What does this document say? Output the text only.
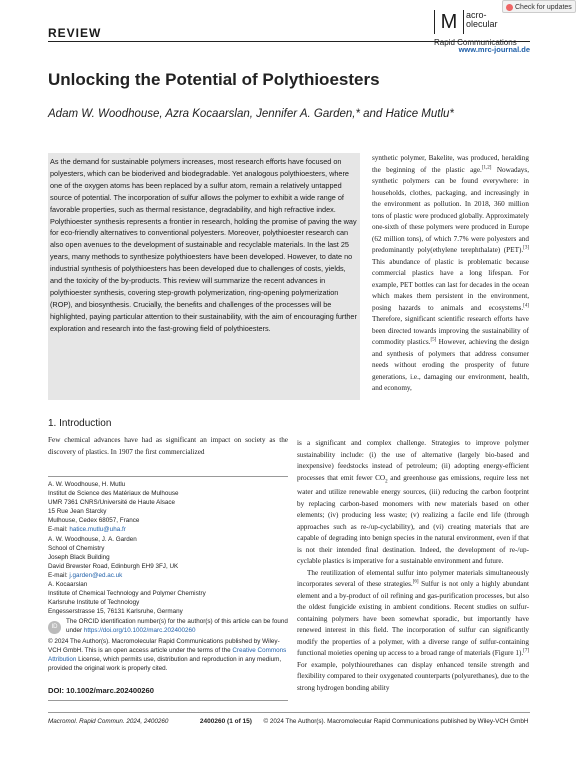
Check for updates
REVIEW	M acro-
olecular
Rapid Communications
www.mrc-journal.de
Unlocking the Potential of Polythioesters
Adam W. Woodhouse, Azra Kocaarslan, Jennifer A. Garden,* and Hatice Mutlu*
As the demand for sustainable polymers increases, most research efforts have focused on polyesters, which can be bioderived and biodegradable. Yet analogous polythioesters, where one of the oxygen atoms has been replaced by a sulfur atom, remain a relatively untapped source of potential. The incorporation of sulfur allows the polymer to exhibit a wide range of favorable properties, such as thermal resistance, degradability, and high refractive index. Polythioester synthesis represents a frontier in research, holding the promise of paving the way for eco-friendly alternatives to conventional polyesters. Moreover, polythioester research can also open avenues to the development of sustainable and recyclable materials. In the last 25 years, many methods to synthesize polythioesters have been developed. However, to date no industrial synthesis of polythioesters has been developed due to challenges of costs, yields, and the toxicity of the by-products. This review will summarize the recent advances in polythioester synthesis, covering step-growth polymerization, ring-opening polymerization (ROP), and biosynthesis. Crucially, the benefits and challenges of the processes will be highlighted, paying particular attention to their sustainability, with the aim of encouraging further exploration and research into the fast-growing field of polythioesters.
synthetic polymer, Bakelite, was produced, heralding the beginning of the plastic age.[1,2] Nowadays, synthetic polymers can be found everywhere: in households, clothes, packaging, and increasingly in the environment as pollution. In 2018, 360 million tons of plastic were produced globally. Approximately one-sixth of these polymers were produced in Europe (62 million tons), of which 7.7% were polyesters and predominantly poly(ethylene terephthalate) (PET).[3] This abundance of plastic is problematic because commercial plastics have a long lifespan. For example, PET bottles can last for decades in the ocean which makes them persistent in the environment, posing hazards to animals and ecosystems.[4] Therefore, significant scientific research efforts have been directed towards improving the sustainability of commodity plastics.[5] However, achieving the design and synthesis of polymers that address consumer needs without eroding the prosperity of future generations, i.e., damaging our environment, health, and economy,
1. Introduction
Few chemical advances have had as significant an impact on society as the discovery of plastics. In 1907 the first commercialized
is a significant and complex challenge. Strategies to improve polymer sustainability include: (i) the use of alternative (largely bio-based and inexpensive) feedstocks instead of petroleum; (ii) adopting energy-efficient processes that emit fewer $CO_2$ and greenhouse gas emissions, require less net water and utilize renewable energy sources, (iii) reducing the carbon footprint by replacing carbon-based monomers with new materials based on other elements; (iv) producing less waste; (v) realizing a facile end life (through approaches such as re-/up-cyclability), and (vi) creating materials that are capable of degrading into benign species in the natural environment, even if that is not their intended final destination. Indeed, the development of re-/up-cyclable plastics is imperative for a sustainable environment and future.
The reutilization of elemental sulfur into polymer materials simultaneously incorporates several of these strategies.[6] Sulfur is not only a highly abundant element and a by-product of oil refining and gas-purification processes, but also the oldest fungicide existing in ambient conditions. Recent studies on sulfur-containing polymers have been somewhat sporadic, but importantly have renewed interest in this field. The incorporation of sulfur can significantly modify the properties of a polymer, with a diverse range of sulfur-containing functional moieties opening up access to a broad range of materials (Figure 1).[7] For example, polythiourethanes can display enhanced tensile strength and flexibility compared to their oxygenated counterparts (polyurethanes), due to the strong hydrogen bonding ability
A. W. Woodhouse, H. Mutlu
Institut de Science des Matériaux de Mulhouse
UMR 7361 CNRS/Université de Haute Alsace
15 Rue Jean Starcky
Mulhouse, Cedex 68057, France
E-mail: hatice.mutlu@uha.fr
A. W. Woodhouse, J. A. Garden
School of Chemistry
Joseph Black Building
David Brewster Road, Edinburgh EH9 3FJ, UK
E-mail: j.garden@ed.ac.uk
A. Kocaarslan
Institute of Chemical Technology and Polymer Chemistry
Karlsruhe Institute of Technology
Engesserstrasse 15, 76131 Karlsruhe, Germany
ID
The ORCID identification number(s) for the author(s) of this article can be found under https://doi.org/10.1002/marc.202400260
© 2024 The Author(s). Macromolecular Rapid Communications published by Wiley-VCH GmbH. This is an open access article under the terms of the Creative Commons Attribution License, which permits use, distribution and reproduction in any medium, provided the original work is properly cited.
DOI: 10.1002/marc.202400260
Macromol. Rapid Commun. 2024, 2400260	2400260 (1 of 15) © 2024 The Author(s). Macromolecular Rapid Communications published by Wiley-VCH GmbH
